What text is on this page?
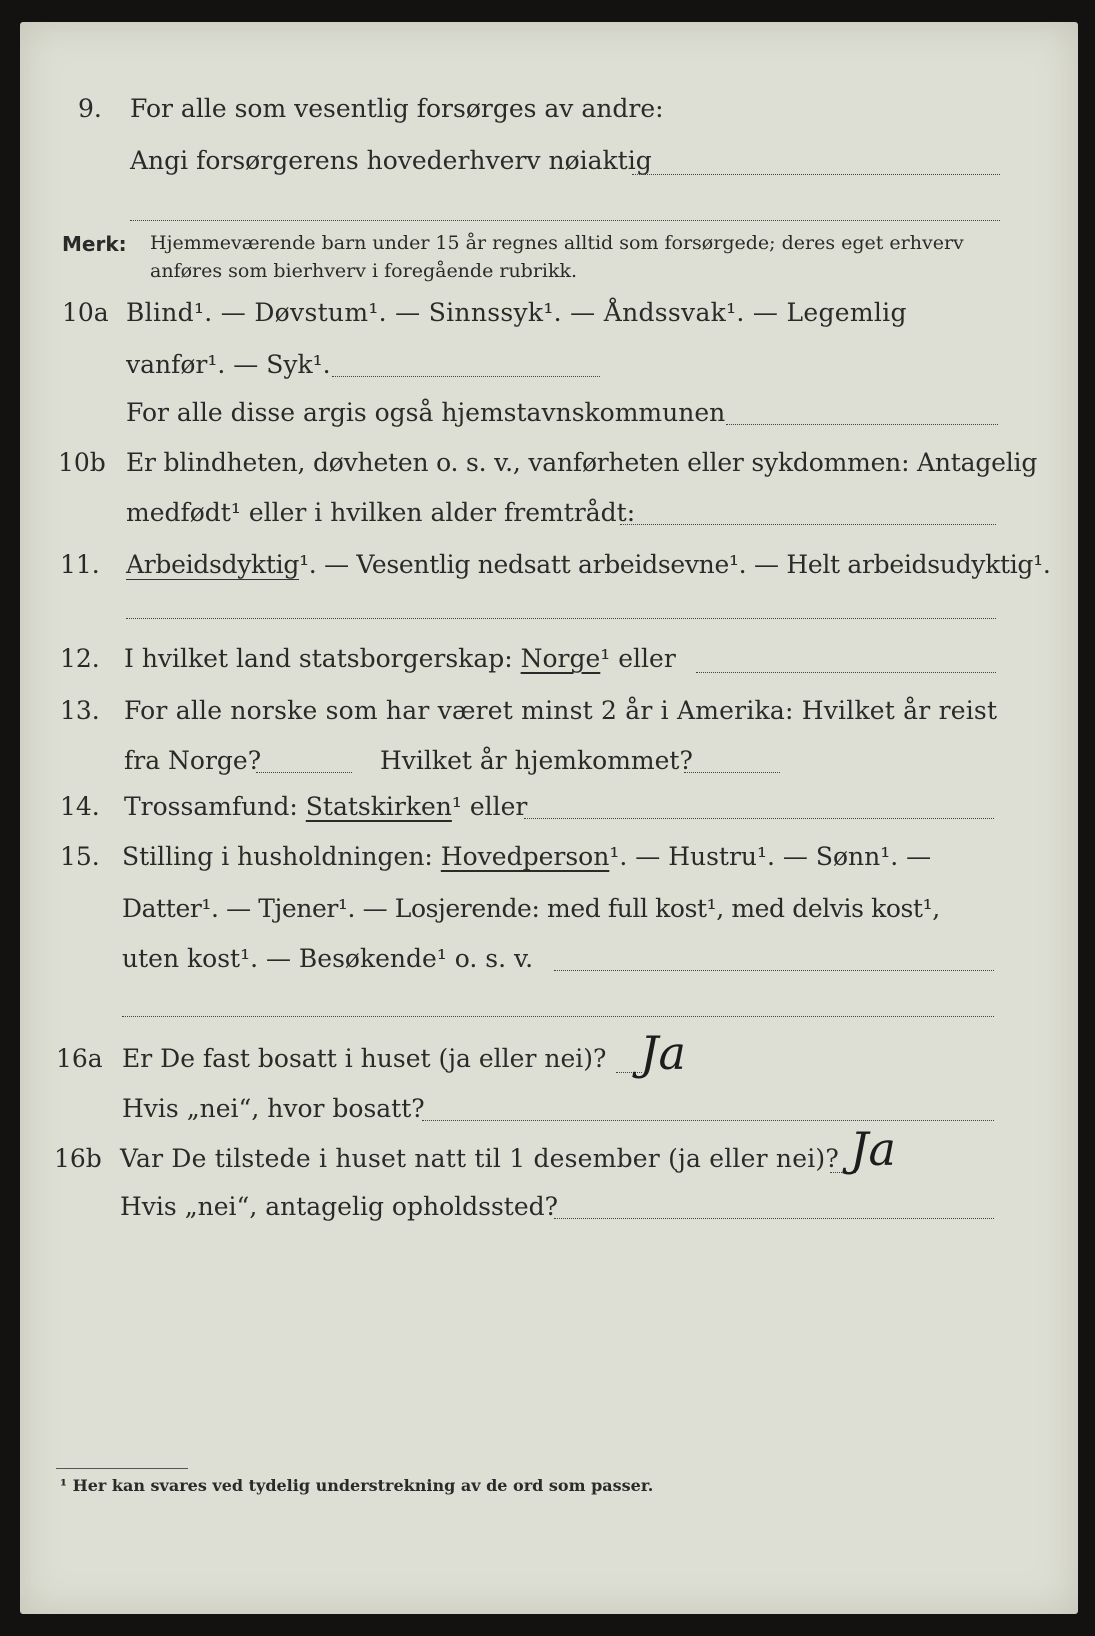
9. For alle som vesentlig forsørges av andre:
Angi forsørgerens hovederhverv nøiaktig
Merk: Hjemmeværende barn under 15 år regnes alltid som forsørgede; deres eget erhverv
anføres som bierhverv i foregående rubrikk.
10a Blind¹. — Døvstum¹. — Sinnssyk¹. — Åndssvak¹. — Legemlig
vanfør¹. — Syk¹.
For alle disse argis også hjemstavnskommunen
10b Er blindheten, døvheten o. s. v., vanførheten eller sykdommen: Antagelig
medfødt¹ eller i hvilken alder fremtrådt:
11. Arbeidsdyktig¹. — Vesentlig nedsatt arbeidsevne¹. — Helt arbeidsudyktig¹.
12. I hvilket land statsborgerskap: Norge¹ eller
13. For alle norske som har været minst 2 år i Amerika: Hvilket år reist
fra Norge?	Hvilket år hjemkommet?
14. Trossamfund: Statskirken¹ eller
15. Stilling i husholdningen: Hovedperson¹. — Hustru¹. — Sønn¹. —
Datter¹. — Tjener¹. — Losjerende: med full kost¹, med delvis kost¹,
uten kost¹. — Besøkende¹ o. s. v.
16a Er De fast bosatt i huset (ja eller nei)? Ja
Hvis „nei“, hvor bosatt?
16b Var De tilstede i huset natt til 1 desember (ja eller nei)? Ja
Hvis „nei“, antagelig opholdssted?
¹ Her kan svares ved tydelig understrekning av de ord som passer.
